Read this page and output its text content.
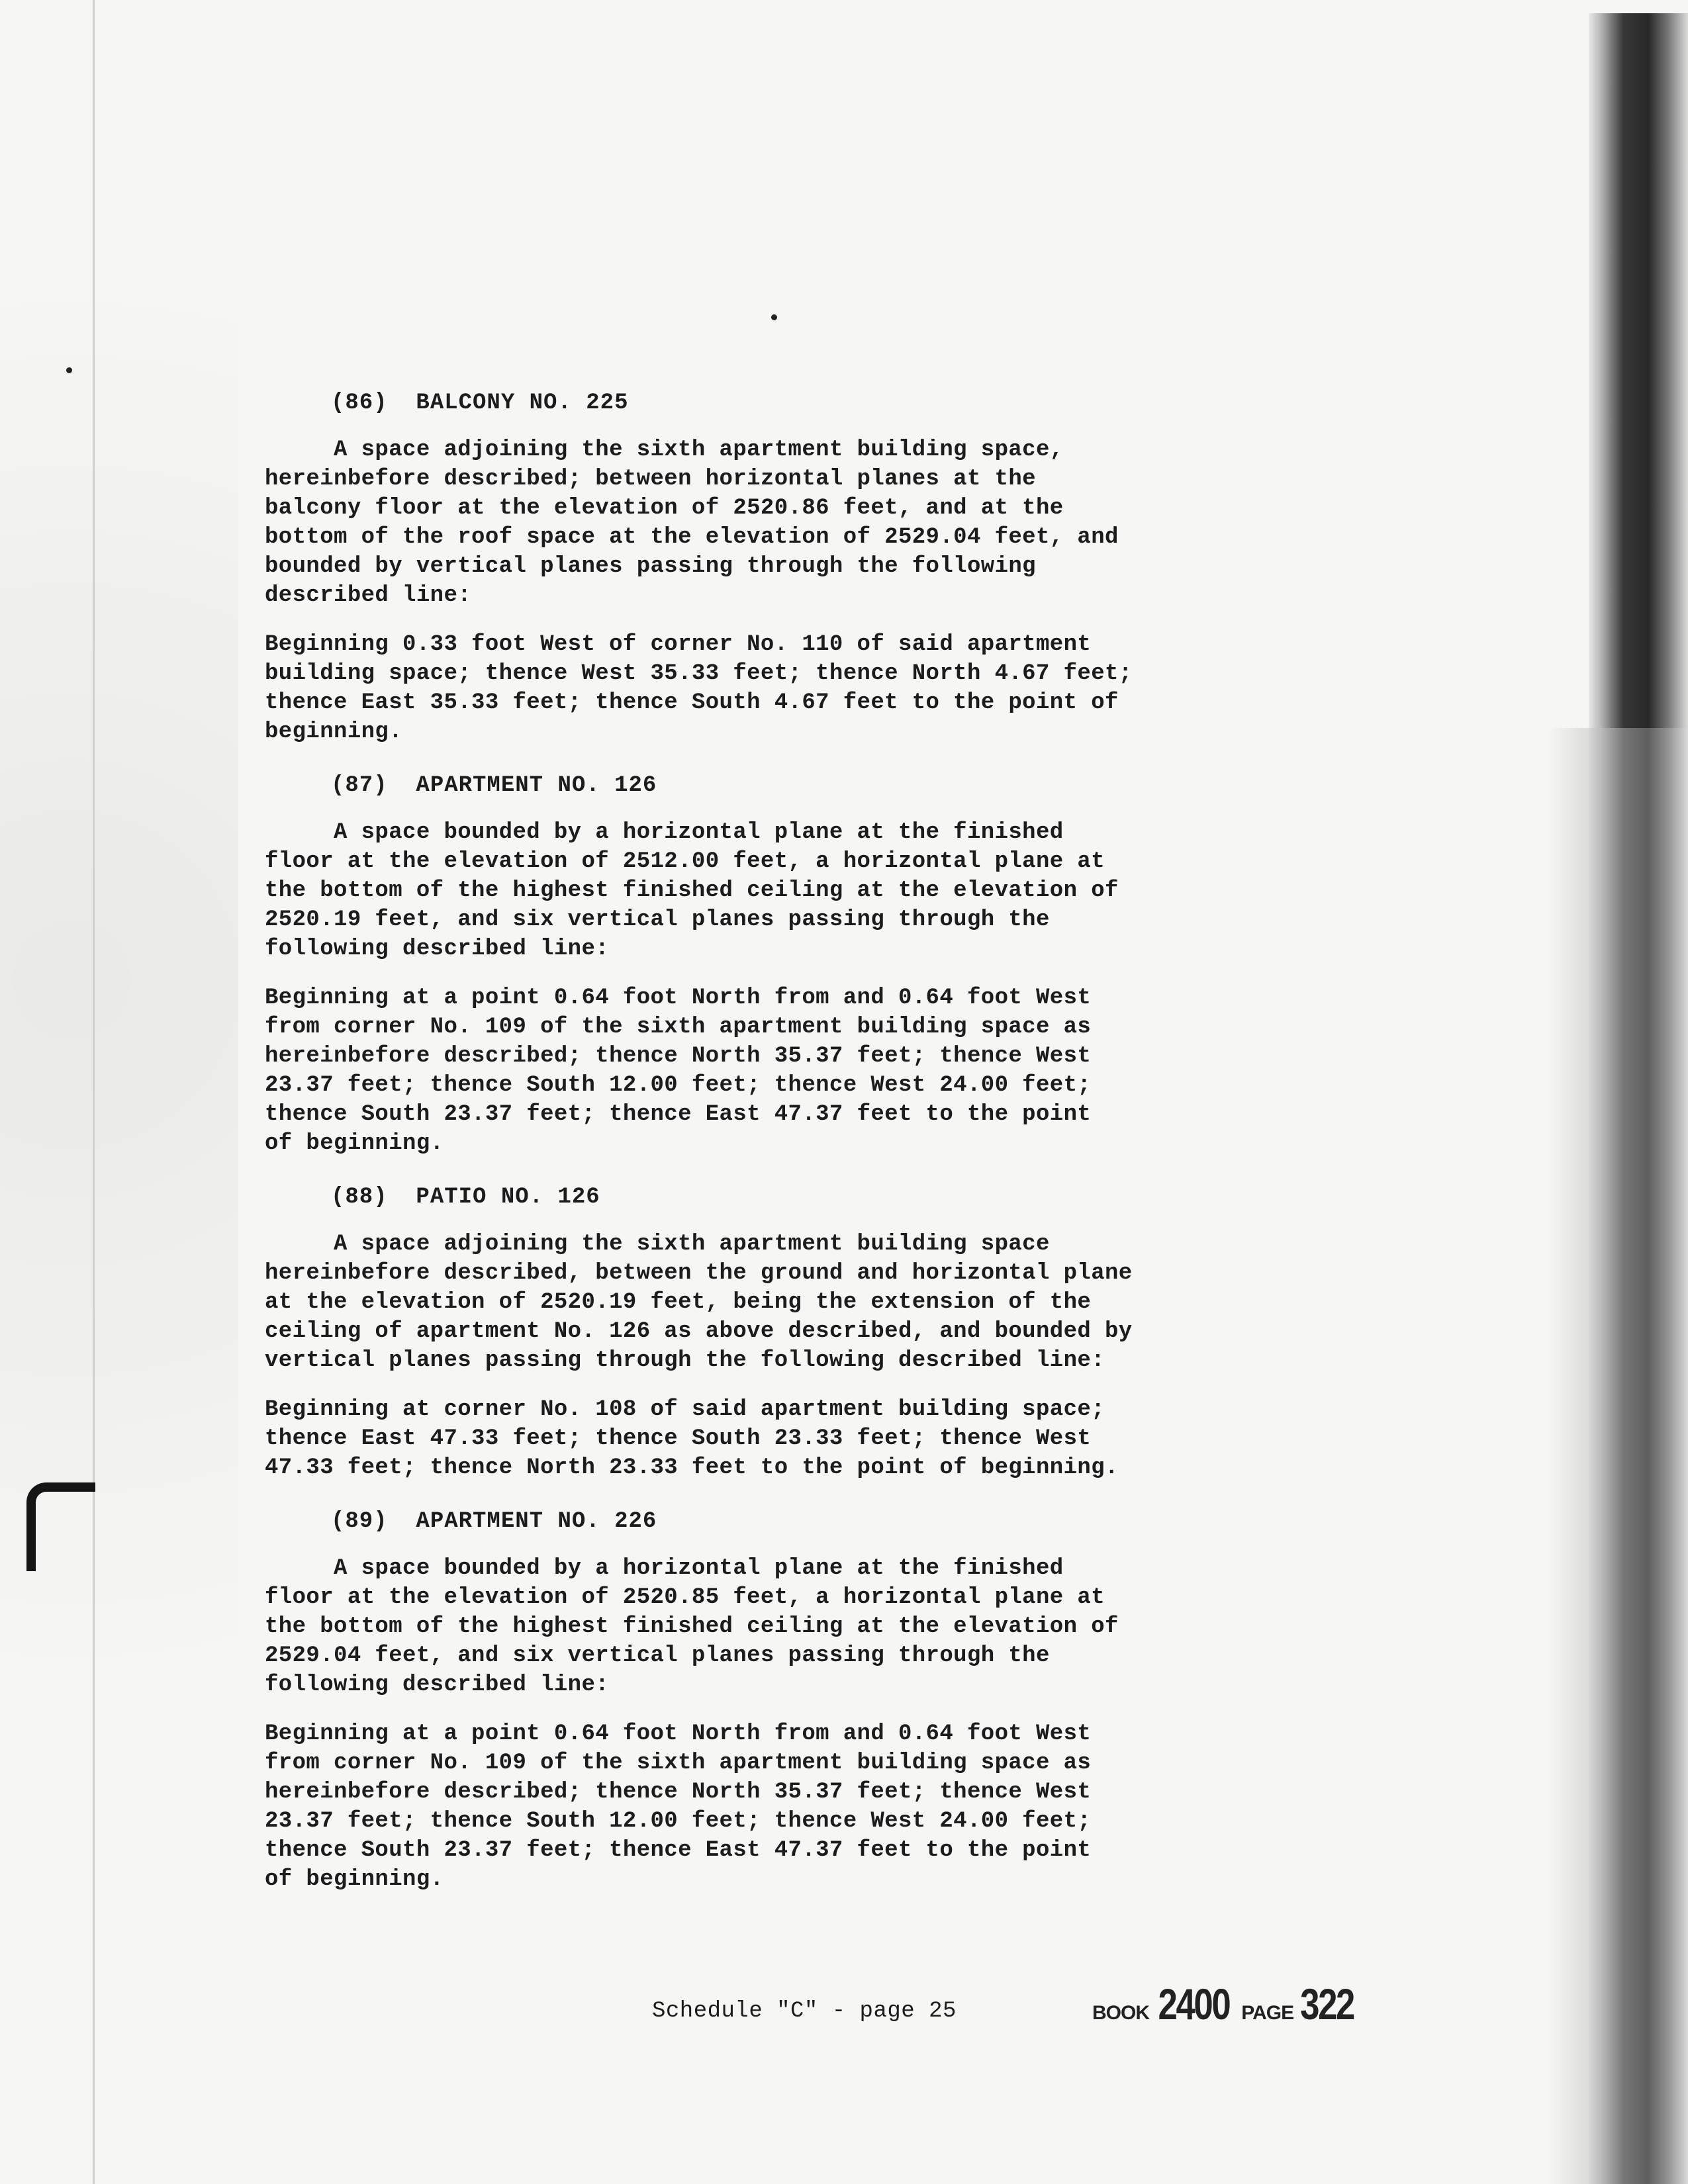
(86)  BALCONY NO. 225
A space adjoining the sixth apartment building space,
hereinbefore described; between horizontal planes at the
balcony floor at the elevation of 2520.86 feet, and at the
bottom of the roof space at the elevation of 2529.04 feet, and
bounded by vertical planes passing through the following
described line:
Beginning 0.33 foot West of corner No. 110 of said apartment
building space; thence West 35.33 feet; thence North 4.67 feet;
thence East 35.33 feet; thence South 4.67 feet to the point of
beginning.
(87)  APARTMENT NO. 126
A space bounded by a horizontal plane at the finished
floor at the elevation of 2512.00 feet, a horizontal plane at
the bottom of the highest finished ceiling at the elevation of
2520.19 feet, and six vertical planes passing through the
following described line:
Beginning at a point 0.64 foot North from and 0.64 foot West
from corner No. 109 of the sixth apartment building space as
hereinbefore described; thence North 35.37 feet; thence West
23.37 feet; thence South 12.00 feet; thence West 24.00 feet;
thence South 23.37 feet; thence East 47.37 feet to the point
of beginning.
(88)  PATIO NO. 126
A space adjoining the sixth apartment building space
hereinbefore described, between the ground and horizontal plane
at the elevation of 2520.19 feet, being the extension of the
ceiling of apartment No. 126 as above described, and bounded by
vertical planes passing through the following described line:
Beginning at corner No. 108 of said apartment building space;
thence East 47.33 feet; thence South 23.33 feet; thence West
47.33 feet; thence North 23.33 feet to the point of beginning.
(89)  APARTMENT NO. 226
A space bounded by a horizontal plane at the finished
floor at the elevation of 2520.85 feet, a horizontal plane at
the bottom of the highest finished ceiling at the elevation of
2529.04 feet, and six vertical planes passing through the
following described line:
Beginning at a point 0.64 foot North from and 0.64 foot West
from corner No. 109 of the sixth apartment building space as
hereinbefore described; thence North 35.37 feet; thence West
23.37 feet; thence South 12.00 feet; thence West 24.00 feet;
thence South 23.37 feet; thence East 47.37 feet to the point
of beginning.
Schedule "C" - page 25	BOOK 2400 PAGE 322
